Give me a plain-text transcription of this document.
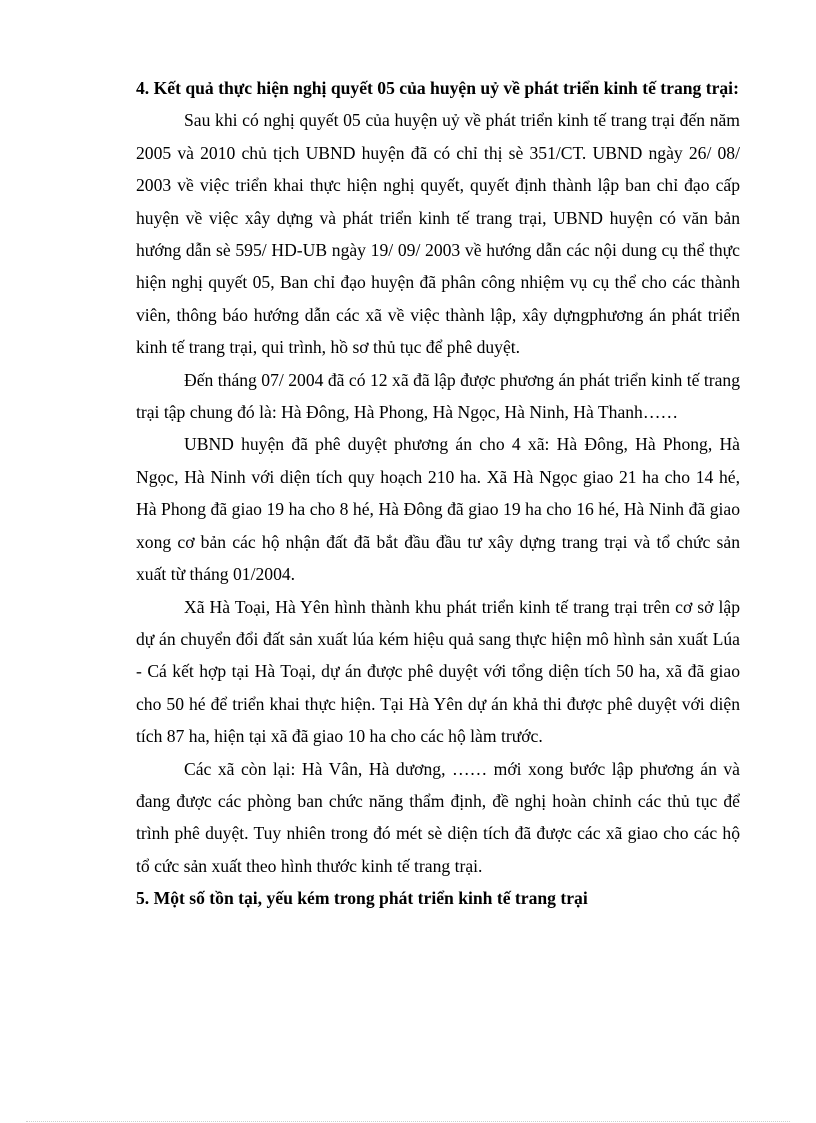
4. Kết quả thực hiện nghị quyết 05 của huyện uỷ về phát triển kinh tế trang trại:

Sau khi có nghị quyết 05 của huyện uỷ về phát triển kinh tế trang trại đến năm 2005 và 2010 chủ tịch UBND huyện đã có chỉ thị sè 351/CT. UBND ngày 26/ 08/ 2003 về việc triển khai thực hiện nghị quyết, quyết định thành lập ban chỉ đạo cấp huyện về việc xây dựng và phát triển kinh tế trang trại, UBND huyện có văn bản hướng dẫn sè 595/ HD-UB ngày 19/ 09/ 2003 về hướng dẫn các nội dung cụ thể thực hiện nghị quyết 05, Ban chỉ đạo huyện đã phân công nhiệm vụ cụ thể cho các thành viên, thông báo hướng dẫn các xã về việc thành lập, xây dựngphương án phát triển kinh tế trang trại, qui trình, hồ sơ thủ tục để phê duyệt.

Đến tháng 07/ 2004 đã có 12 xã đã lập được phương án phát triển kinh tế trang trại tập chung đó là: Hà Đông, Hà Phong, Hà Ngọc, Hà Ninh, Hà Thanh……

UBND huyện đã phê duyệt phương án cho 4 xã: Hà Đông, Hà Phong, Hà Ngọc, Hà Ninh với diện tích quy hoạch 210 ha. Xã Hà Ngọc giao 21 ha cho 14 hé, Hà Phong đã giao 19 ha cho 8 hé, Hà Đông đã giao 19 ha cho 16 hé, Hà Ninh đã giao xong cơ bản các hộ nhận đất đã bắt đầu đầu tư xây dựng trang trại và tổ chức sản xuất từ tháng 01/2004.

Xã Hà Toại, Hà Yên hình thành khu phát triển kinh tế trang trại trên cơ sở lập dự án chuyển đổi đất sản xuất lúa kém hiệu quả sang thực hiện mô hình sản xuất Lúa - Cá kết hợp tại Hà Toại, dự án được phê duyệt với tổng diện tích 50 ha, xã đã giao cho 50 hé để triển khai thực hiện. Tại Hà Yên dự án khả thi được phê duyệt với diện tích 87 ha, hiện tại xã đã giao 10 ha cho các hộ làm trước.

Các xã còn lại: Hà Vân, Hà dương, …… mới xong bước lập phương án và đang được các phòng ban chức năng thẩm định, đề nghị hoàn chỉnh các thủ tục để trình phê duyệt. Tuy nhiên trong đó mét sè diện tích đã được các xã giao cho các hộ tổ cức sản xuất theo hình thước kinh tế trang trại.

5. Một số tồn tại, yếu kém trong phát triển kinh tế trang trại
